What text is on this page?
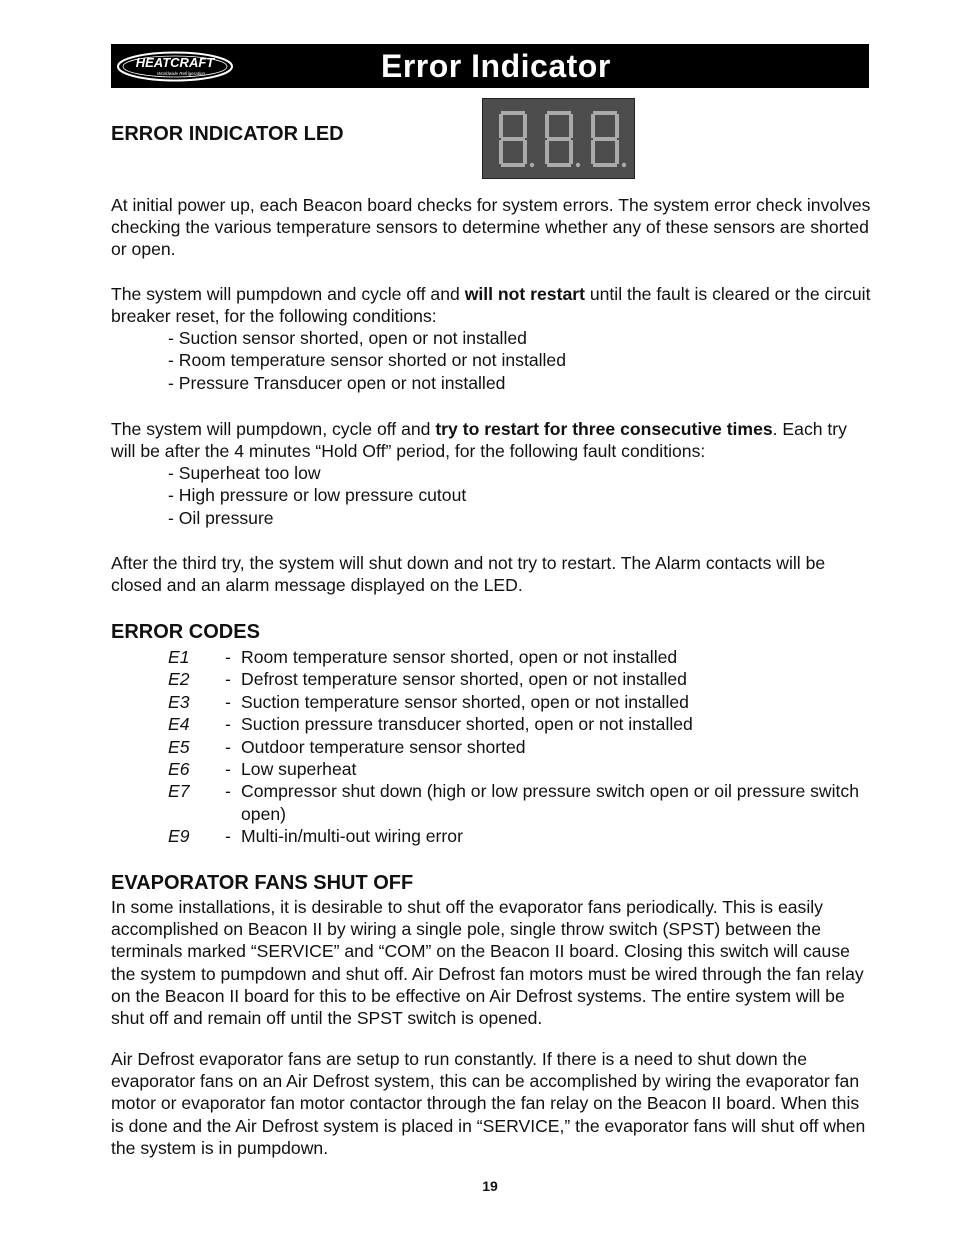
HEATCRAFT
Worldwide Refrigeration	Error Indicator
ERROR INDICATOR LED
At initial power up, each Beacon board checks for system errors. The system error check involves checking the various temperature sensors to determine whether any of these sensors are shorted or open.
The system will pumpdown and cycle off and will not restart until the fault is cleared or the circuit breaker reset, for the following conditions:
- Suction sensor shorted, open or not installed
- Room temperature sensor shorted or not installed
- Pressure Transducer open or not installed
The system will pumpdown, cycle off and try to restart for three consecutive times. Each try will be after the 4 minutes “Hold Off” period, for the following fault conditions:
- Superheat too low
- High pressure or low pressure cutout
- Oil pressure
After the third try, the system will shut down and not try to restart. The Alarm contacts will be closed and an alarm message displayed on the LED.
ERROR CODES
E1	- Room temperature sensor shorted, open or not installed
E2	- Defrost temperature sensor shorted, open or not installed
E3	- Suction temperature sensor shorted, open or not installed
E4	- Suction pressure transducer shorted, open or not installed
E5	- Outdoor temperature sensor shorted
E6	- Low superheat
E7	- Compressor shut down (high or low pressure switch open or oil pressure switch open)
E9	- Multi-in/multi-out wiring error
EVAPORATOR FANS SHUT OFF
In some installations, it is desirable to shut off the evaporator fans periodically. This is easily accomplished on Beacon II by wiring a single pole, single throw switch (SPST) between the terminals marked “SERVICE” and “COM” on the Beacon II board. Closing this switch will cause the system to pumpdown and shut off. Air Defrost fan motors must be wired through the fan relay on the Beacon II board for this to be effective on Air Defrost systems. The entire system will be shut off and remain off until the SPST switch is opened.
Air Defrost evaporator fans are setup to run constantly. If there is a need to shut down the evaporator fans on an Air Defrost system, this can be accomplished by wiring the evaporator fan motor or evaporator fan motor contactor through the fan relay on the Beacon II board. When this is done and the Air Defrost system is placed in “SERVICE,” the evaporator fans will shut off when the system is in pumpdown.
19
